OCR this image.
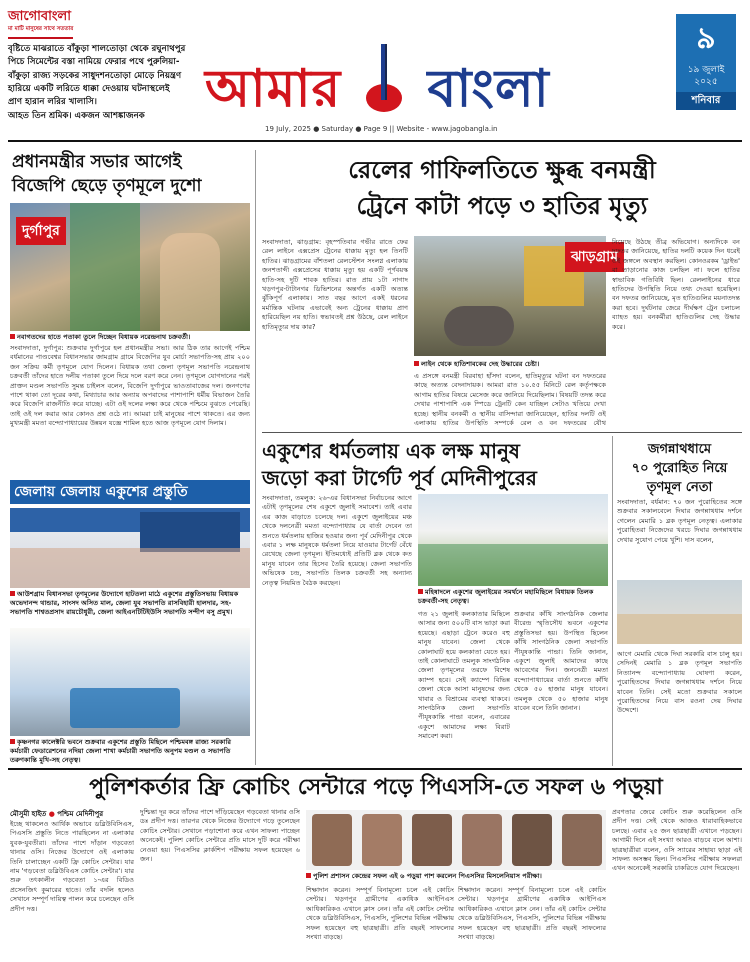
জাগোবাংলা
মা মাটি মানুষের সাথে সততার
বৃষ্টিতে মাঝরাতে বাঁকুড়া শালতোড়া থেকে রঘুনাথপুর পিচে সিমেন্টের বস্তা নামিয়ে ফেরার পথে পুরুলিয়া-বাঁকুড়া রাজ্য সড়কের সাধুদশনতোড়া মোড়ে নিয়ন্ত্রণ হারিয়ে একটি লরিতে ধাক্কা দেওয়ায় ঘটনাস্থলেই প্রাণ হারান লরির খালাসি।
আহত তিন শ্রমিক। একজন আশঙ্কাজনক	আমার বাংলা
19 July, 2025 ● Saturday ● Page 9 || Website - www.jagobangla.in
৯
১৯ জুলাই
২০২৫
শনিবার
প্রধানমন্ত্রীর সভার আগেই
বিজেপি ছেড়ে তৃণমূলে দুশো
দুর্গাপুর
নবাগতদের হাতে পতাকা তুলে দিচ্ছেন বিধায়ক নরেন্দ্রনাথ চক্রবর্তী।
সংবাদদাতা, দুর্গাপুর: শুক্রবার দুর্গাপুরে হল প্রধানমন্ত্রীর সভা। আর ঠিক তার আগেই পশ্চিম বর্ধমানের পাণ্ডবেশ্বর বিধানসভার জামগ্রাম গ্রামে বিজেপির যুব মোর্চা সভাপতি-সহ প্রায় ২০০ জন সক্রিয় কর্মী তৃণমূলে যোগ দিলেন। বিধায়ক তথা জেলা তৃণমূল সভাপতি নরেন্দ্রনাথ চক্রবর্তী তাঁদের হাতে দলীয় পতাকা তুলে দিয়ে দলে বরণ করে নেন। তৃণমূলে যোগদানের পরই প্রাক্তন মণ্ডল সভাপতি সুমন্ত চাইলস বলেন, বিজেপি দুর্গাপুরে ভাওতাবাজের দল। জনগণের পাশে থাকা তো দূরের কথা, মিথ্যাচার আর অন্যায় অপবাদের পাশাপাশি ধর্মীয় বিভাজন তৈরি করে বিজেপি রাজনীতি করে যাচ্ছে। এটা ওই দলের লক্ষ্য করে থেকে পশ্চিমে বুঝতে পেরেছি। তাই ওই দল করার আর কোনও প্রশ্ন ওঠে না। আমরা চাই মানুষের পাশে থাকতে। এর জন্য মুখ্যমন্ত্রী মমতা বন্দ্যোপাধ্যায়ের উন্নয়ন যজ্ঞে শামিল হতে আজ তৃণমূলে যোগ দিলাম।
জেলায় জেলায় একুশের প্রস্তুতি
আউশগ্রাম বিধানসভা তৃণমূলের উদ্যোগে হাটতলা মাঠে একুশের প্রস্তুতিসভায় বিধায়ক অভেদানন্দ থান্ডার, সাংসদ অসিত মাল, জেলা যুব সভাপতি রাসবিহারী হালদার, সহ-সভাপতি শাশ্বতপ্রসাদ রায়চৌধুরী, জেলা আইএনটিটিইউসি সভাপতি সন্দীপ বসু প্রমুখ।
কৃষ্ণনগর কালেক্টরি ভবনে শুক্রবার একুশের প্রস্তুতি মিছিলে পশ্চিমবঙ্গ রাজ্য সরকারি কর্মচারী ফেডারেশনের নদিয়া জেলা শাখা কর্মচারী সভাপতি অনুপম মণ্ডল ও সভাপতি তরুণকান্তি মুখি-সহ নেতৃত্ব।
রেলের গাফিলতিতে ক্ষুব্ধ বনমন্ত্রী
ট্রেনে কাটা পড়ে ৩ হাতির মৃত্যু
সংবাদদাতা, ঝাড়গ্রাম: বৃহস্পতিবার গভীর রাতে ফের রেল লাইনে এক্সপ্রেস ট্রেনের ধাক্কায় মৃত্যু হল তিনটি হাতির। ঝাড়গ্রামের বাঁশতলা রেলস্টেশন সংলগ্ন এলাকায় জনশতাব্দী এক্সপ্রেসের ধাক্কায় মৃত্যু হয় একটি পূর্ণবয়স্ক হাতি-সহ দুটি শাবক হাতির। রাত প্রায় ১টা নাগাদ খড়গপুর-টাটানগর ডিভিশনের অন্তর্গত একটি অত্যন্ত ঝুঁকিপূর্ণ এলাকায়। সাত বছর আগে একই ধরনের মর্মান্তিক ঘটনায় এভাবেই অন্য ট্রেনের ধাক্কায় প্রাণ হারিয়েছিল নয় হাতি। স্বভাবতই প্রশ্ন উঠছে, রেল লাইনে হাতিমৃত্যুর দায় কার?
ঝাড়গ্রাম
লাইন থেকে হাতিশাবকের দেহ উদ্ধারের চেষ্টা।
এ প্রসঙ্গে বনমন্ত্রী বিরবাহা হাঁসদা বলেন, হাতিমৃত্যুর ঘটনা বন দফতরের কাছে অত্যন্ত বেদনাদায়ক। আমরা রাত ১০.৫৫ মিনিটে রেল কর্তৃপক্ষকে আগাম হাতির বিষয়ে মেসেজ করে জানিয়ে দিয়েছিলাম। বিষয়টি তদন্ত করে দেখার পাশাপাশি এক স্পিডে ট্রেনটি কেন যাচ্ছিল সেটাও খতিয়ে দেখা হচ্ছে। স্থানীয় বনকর্মী ও স্থানীয় বাসিন্দারা জানিয়েছেন, হাতির দলটি ওই এলাকায় হাতির উপস্থিতি সম্পর্কে রেল ও বন দফতরের যৌথ
নিয়েছে উঠছে তীব্র অভিযোগ। অন্যদিকে বন দফতর জানিয়েছে, হাতির দলটি কয়েক দিন ধরেই ওই জঙ্গলে অবস্থান করছিল। কোনওরকম 'ড্রাইভ' বা তাড়ানোর কাজ চলছিল না। ফলে হাতির স্বাভাবিক গতিবিধি ছিল। রেললাইনের ধারে হাতিদের উপস্থিতি নিয়ে তথ্য দেওয়া হয়েছিল। বন দফতর জানিয়েছে, মৃত হাতিগুলির ময়নাতদন্ত করা হবে। দুর্ঘটনার জেরে দীর্ঘক্ষণ ট্রেন চলাচল ব্যাহত হয়। বনকর্মীরা হাতিগুলির দেহ উদ্ধার করে।
একুশের ধর্মতলায় এক লক্ষ মানুষ
জড়ো করা টার্গেট পূর্ব মেদিনীপুরের
সংবাদদাতা, তমলুক: ২৬-এর বিধানসভা নির্বাচনের আগে এটাই তৃণমূলের শেষ একুশে জুলাই সমাবেশ। তাই এবার এর কাজ বাড়াতে চলেছে দল। একুশে জুলাইয়ের মঞ্চ থেকে দলনেত্রী মমতা বন্দ্যোপাধ্যায় যে বার্তা দেবেন তা শুনতে ধর্মতলায় হাজির হওয়ার জন্য পূর্ব মেদিনীপুর থেকে এবার ১ লক্ষ মানুষকে ধর্মতলা নিয়ে যাওয়ার টার্গেট বেঁধে রেখেছে জেলা তৃণমূল। ইতিমধ্যেই প্রতিটি ব্লক থেকে কত মানুষ যাবেন তার হিসেব তৈরি হয়েছে। জেলা সভাপতি অভিষেক চন্দ্র, সভাপতি তিলক চক্রবর্তী সহ অন্যান্য নেতৃত্ব নিয়মিত বৈঠক করছেন।
মহিষাদলে একুশের জুলাইয়ের সমর্থনে মহামিছিলে বিধায়ক তিলক চক্রবর্তী-সহ নেতৃত্ব।
গত ২১ জুলাই কলকাতার মিছিলে আসার জন্য ৫০০টি বাস ভাড়া করা হয়েছে। এছাড়া ট্রেনে করেও বহু মানুষ যাবেন। জেলা থেকে কোলাঘাট হয়ে কলকাতা যেতে হয়। তাই কোলাঘাটে তমলুক সাংগঠনিক জেলা তৃণমূলের তরফে বিশেষ ক্যাম্প হবে। সেই ক্যাম্পে বিভিন্ন জেলা থেকে আসা মানুষদের জন্য খাবার ও বিশ্রামের ব্যবস্থা থাকবে। সাংগঠনিক জেলা সভাপতি পীযূষকান্তি পান্ডা বলেন, এবারের একুশে আমাদের লক্ষ্য বিরাট সমাবেশ করা।
শুক্রবার কাঁথি সাংগঠনিক জেলার বীরেন্দ্র স্মৃতিসৌধ ভবনে একুশের প্রস্তুতিসভা হয়। উপস্থিত ছিলেন কাঁথি সাংগঠনিক জেলা সভাপতি পীযূষকান্তি পান্ডা। তিনি জানান, একুশে জুলাই আমাদের কাছে আবেগের দিন। জননেত্রী মমতা বন্দ্যোপাধ্যায়ের বার্তা শুনতে কাঁথি থেকে ৫০ হাজার মানুষ যাবেন। তমলুক থেকে ৫০ হাজার মানুষ যাবেন বলে তিনি জানান।
জগন্নাথধামে
৭০ পুরোহিত নিয়ে
তৃণমূল নেতা
সংবাদদাতা, বর্ধমান: ৭০ জন পুরোহিতের সঙ্গে শুক্রবার সকালবেলে দিঘার জগন্নাথধাম দর্শনে গেলেন মেমারি ১ ব্লক তৃণমূল নেতৃত্ব। এলাকার পুরোহিতরা নিজেদের খরচে দিঘার জগন্নাথধাম দেখার সুযোগ পেয়ে খুশি। দাস বলেন,
আগে মেমারি থেকে দিঘা সরকারি বাস চালু হয়। সেদিনই মেমারি ১ ব্লক তৃণমূল সভাপতি নিত্যানন্দ বন্দ্যোপাধ্যায় ঘোষণা করেন, পুরোহিতদের দিঘার জগন্নাথধাম দর্শনে নিয়ে যাবেন তিনি। সেই মতো শুক্রবার সকালে পুরোহিতদের নিয়ে বাস রওনা দেয় দিঘার উদ্দেশে।
পুলিশকর্তার ফ্রি কোচিং সেন্টারে পড়ে পিএসসি-তে সফল ৬ পড়ুয়া
মৌসুমী হাইত ● পশ্চিম মেদিনীপুর
ইচ্ছে থাকলেও আর্থিক অভাবে ডব্লিউবিসিএস, পিএসসি প্রস্তুতি নিতে পারছিলেন না এলাকার যুবক-যুবতীরা। তাঁদের পাশে দাঁড়ান গড়বেতা থানার ওসি। নিজের উদ্যোগে ওই এলাকায় তিনি চালাচ্ছেন একটি ফ্রি কোচিং সেন্টার। যার নাম 'গড়বেতা ডব্লিউবিএস কোচিং সেন্টার'। যার শুরু তৎকালীন গড়বেতা ১-এর বিডিও প্রসেনজিৎ কুমারের হাতে। তাঁর বদলি হলেও সেখানে সম্পূর্ণ দায়িত্ব পালন করে চলেছেন ওসি প্রদীপ দত্ত।
দুশ্চিন্তা দূর করে তাঁদের পাশে দাঁড়িয়েছেন গড়বেতা থানার ওসি ডঃ প্রদীপ দত্ত। তারপর থেকে নিজের উদ্যোগে গড়ে তুলেছেন কোচিং সেন্টার। সেখানে পড়াশোনা করে এখন সাফল্য পাচ্ছেন অনেকেই। পুলিশ কোচিং সেন্টারে প্রতি মাসে দুটি করে পরীক্ষা নেওয়া হয়। পিএসসির ক্লার্কশিপ পরীক্ষায় সফল হয়েছেন ৬ জন।
পুলিশ প্রশাসন কেন্দ্রের সফল এই ৬ পড়ুয়া পাশ করলেন পিএসসির মিসলেনিয়াস পরীক্ষা।
শিক্ষাদান করেন। সম্পূর্ণ বিনামূল্যে চলে এই কোচিং সেন্টার। খড়গপুর গ্রামীণের একাধিক আইপিএস আধিকারিকও এখানে ক্লাস নেন। তাঁর এই কোচিং সেন্টার থেকে ডব্লিউবিসিএস, পিএসসি, পুলিশের বিভিন্ন পরীক্ষায় সফল হয়েছেন বহু ছাত্রছাত্রী। প্রতি বছরই সাফল্যের সংখ্যা বাড়ছে।
শিক্ষাদান করেন। সম্পূর্ণ বিনামূল্যে চলে এই কোচিং সেন্টার। খড়গপুর গ্রামীণের একাধিক আইপিএস আধিকারিকও এখানে ক্লাস নেন। তাঁর এই কোচিং সেন্টার থেকে ডব্লিউবিসিএস, পিএসসি, পুলিশের বিভিন্ন পরীক্ষায় সফল হয়েছেন বহু ছাত্রছাত্রী। প্রতি বছরই সাফল্যের সংখ্যা বাড়ছে।
প্রবণতার জেরে কোচিং শুরু করেছিলেন ওসি প্রদীপ দত্ত। সেই থেকে আজও ধারাবাহিকভাবে চলছে। এবার ২৫ জন ছাত্রছাত্রী এখানে পড়ছেন। আগামী দিনে এই সংখ্যা আরও বাড়বে বলে আশা। ছাত্রছাত্রীরা বলেন, ওসি স্যারের সাহায্য ছাড়া এই সাফল্য অসম্ভব ছিল। পিএসসির পরীক্ষায় সফলরা এখন অনেকেই সরকারি চাকরিতে যোগ দিয়েছেন।
